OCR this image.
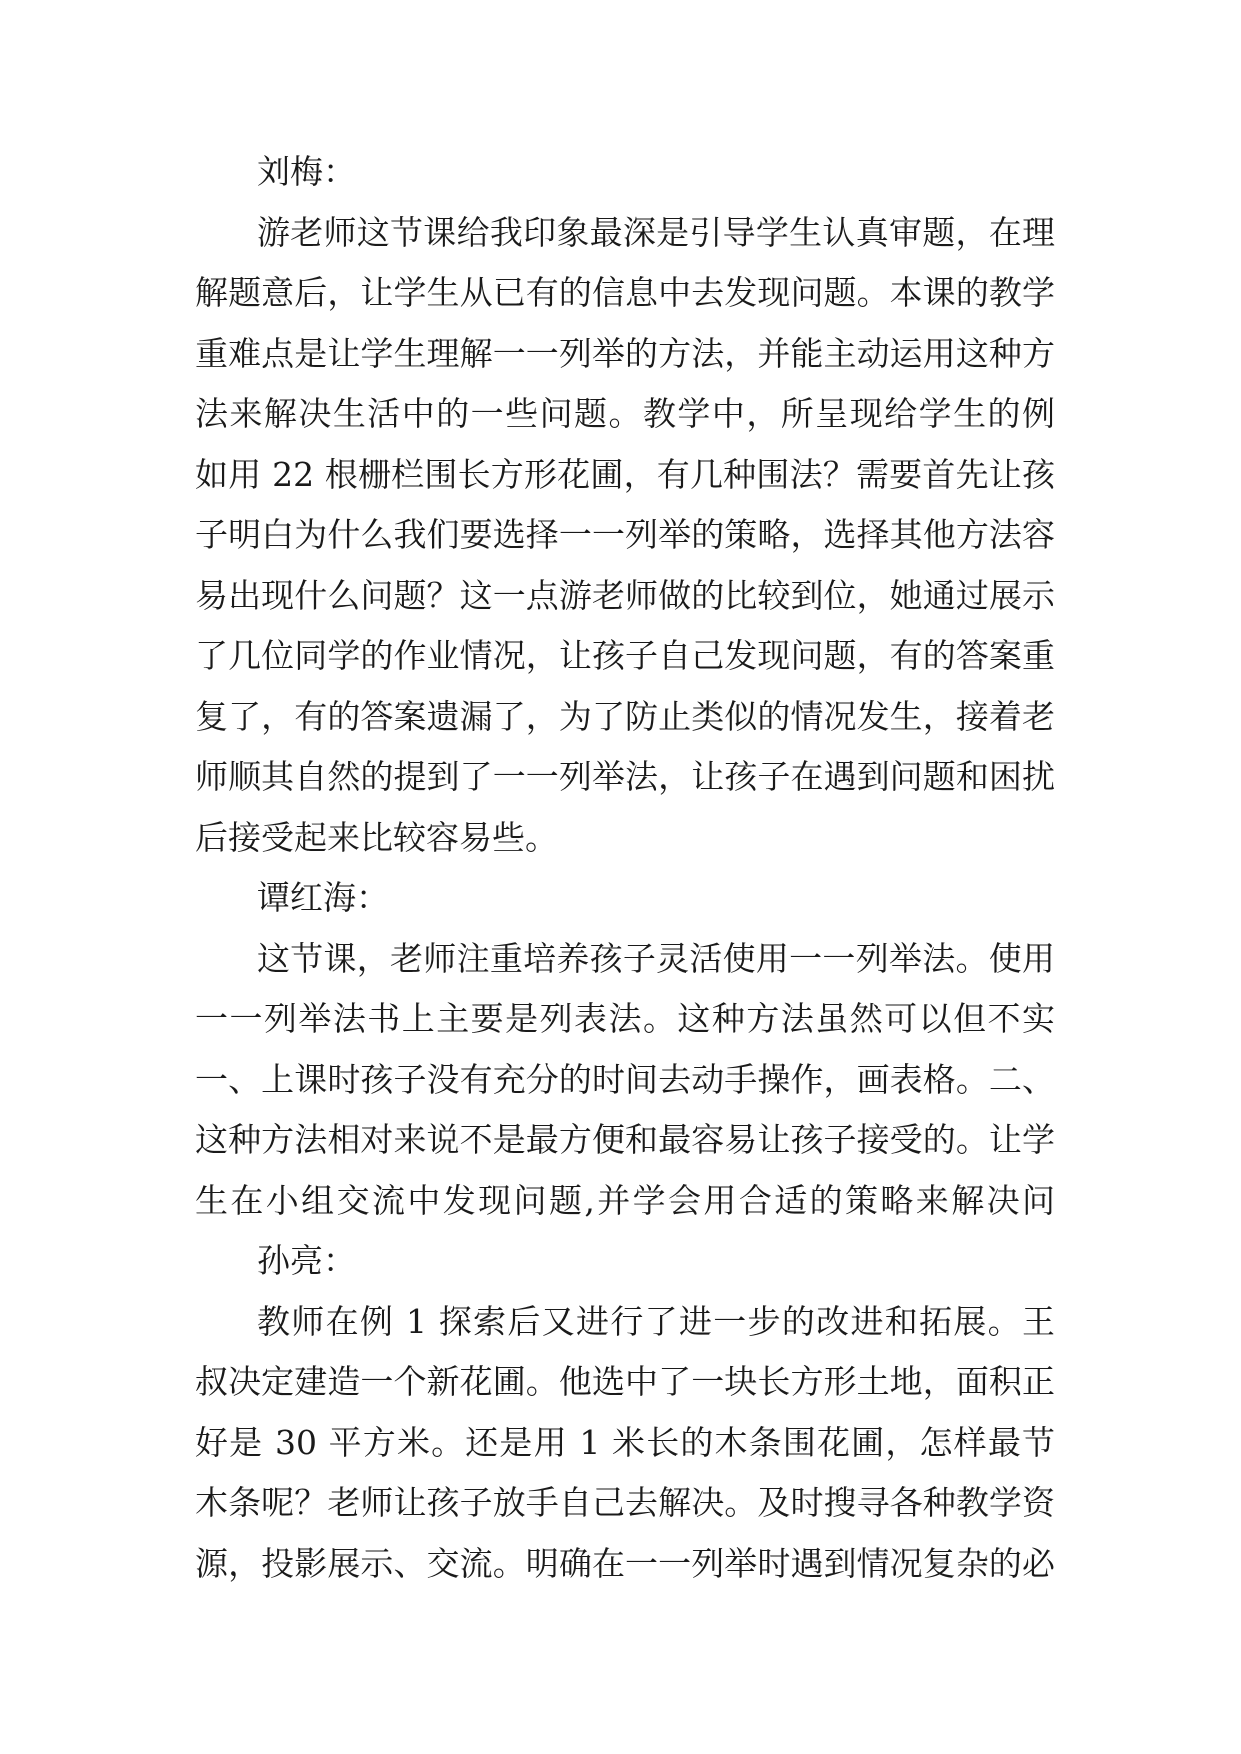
刘梅：
游老师这节课给我印象最深是引导学生认真审题，在理
解题意后，让学生从已有的信息中去发现问题。本课的教学
重难点是让学生理解一一列举的方法，并能主动运用这种方
法来解决生活中的一些问题。教学中，所呈现给学生的例
如用 22 根栅栏围长方形花圃，有几种围法？需要首先让孩
子明白为什么我们要选择一一列举的策略，选择其他方法容
易出现什么问题？这一点游老师做的比较到位，她通过展示
了几位同学的作业情况，让孩子自己发现问题，有的答案重
复了，有的答案遗漏了，为了防止类似的情况发生，接着老
师顺其自然的提到了一一列举法，让孩子在遇到问题和困扰
后接受起来比较容易些。
谭红海：
这节课，老师注重培养孩子灵活使用一一列举法。使用
一一列举法书上主要是列表法。这种方法虽然可以但不实
一、上课时孩子没有充分的时间去动手操作，画表格。二、
这种方法相对来说不是最方便和最容易让孩子接受的。让学
生在小组交流中发现问题,并学会用合适的策略来解决问
孙亮：
教师在例 1 探索后又进行了进一步的改进和拓展。王
叔决定建造一个新花圃。他选中了一块长方形土地，面积正
好是 30 平方米。还是用 1 米长的木条围花圃，怎样最节
木条呢？老师让孩子放手自己去解决。及时搜寻各种教学资
源，投影展示、交流。明确在一一列举时遇到情况复杂的必
